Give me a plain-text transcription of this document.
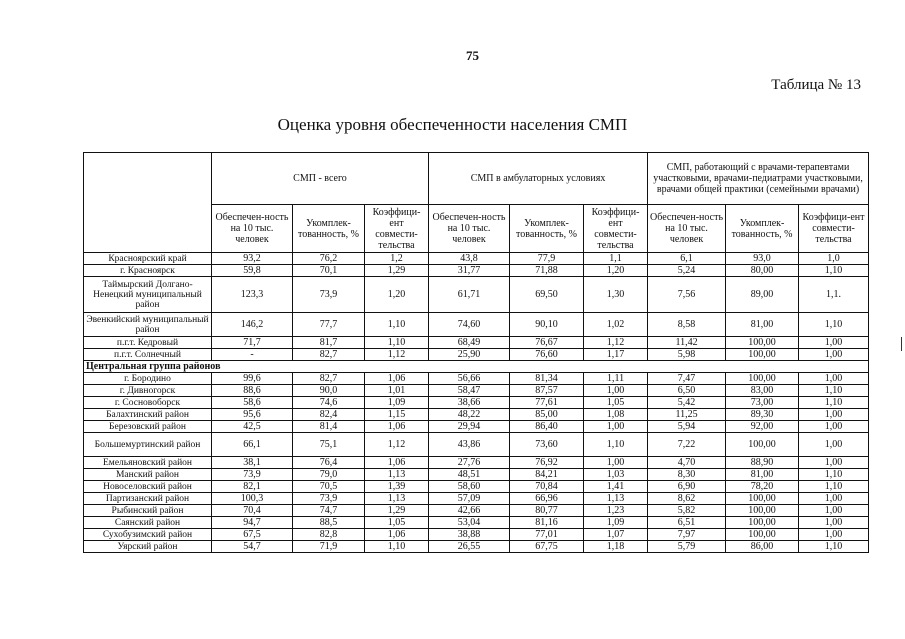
75
Таблица № 13
Оценка уровня обеспеченности населения СМП
	СМП - всего			СМП в амбулаторных условиях			СМП, работающий с врачами-терапевтами участковыми, врачами-педиатрами участковыми, врачами общей практики (семейными врачами)		
	Обеспечен-ность на 10 тыс. человек	Укомплек-тованность, %	Коэффици-ент совмести-тельства	Обеспечен-ность на 10 тыс. человек	Укомплек-тованность, %	Коэффици-ент совмести-тельства	Обеспечен-ность на 10 тыс. человек	Укомплек-тованность, %	Коэффици-ент совмести-тельства
Красноярский край	93,2	76,2	1,2	43,8	77,9	1,1	6,1	93,0	1,0
г. Красноярск	59,8	70,1	1,29	31,77	71,88	1,20	5,24	80,00	1,10
Таймырский Долгано-Ненецкий муниципальный район	123,3	73,9	1,20	61,71	69,50	1,30	7,56	89,00	1,1.
Эвенкийский муниципальный район	146,2	77,7	1,10	74,60	90,10	1,02	8,58	81,00	1,10
п.г.т. Кедровый	71,7	81,7	1,10	68,49	76,67	1,12	11,42	100,00	1,00
п.г.т. Солнечный	-	82,7	1,12	25,90	76,60	1,17	5,98	100,00	1,00
Центральная группа районов									
г. Бородино	99,6	82,7	1,06	56,66	81,34	1,11	7,47	100,00	1,00
г. Дивногорск	88,6	90,0	1,01	58,47	87,57	1,00	6,50	83,00	1,10
г. Сосновоборск	58,6	74,6	1,09	38,66	77,61	1,05	5,42	73,00	1,10
Балахтинский район	95,6	82,4	1,15	48,22	85,00	1,08	11,25	89,30	1,00
Березовский район	42,5	81,4	1,06	29,94	86,40	1,00	5,94	92,00	1,00
Большемуртинский район	66,1	75,1	1,12	43,86	73,60	1,10	7,22	100,00	1,00
Емельяновский район	38,1	76,4	1,06	27,76	76,92	1,00	4,70	88,90	1,00
Манский район	73,9	79,0	1,13	48,51	84,21	1,03	8,30	81,00	1,10
Новоселовский район	82,1	70,5	1,39	58,60	70,84	1,41	6,90	78,20	1,10
Партизанский район	100,3	73,9	1,13	57,09	66,96	1,13	8,62	100,00	1,00
Рыбинский район	70,4	74,7	1,29	42,66	80,77	1,23	5,82	100,00	1,00
Саянский район	94,7	88,5	1,05	53,04	81,16	1,09	6,51	100,00	1,00
Сухобузимский район	67,5	82,8	1,06	38,88	77,01	1,07	7,97	100,00	1,00
Уярский район	54,7	71,9	1,10	26,55	67,75	1,18	5,79	86,00	1,10
